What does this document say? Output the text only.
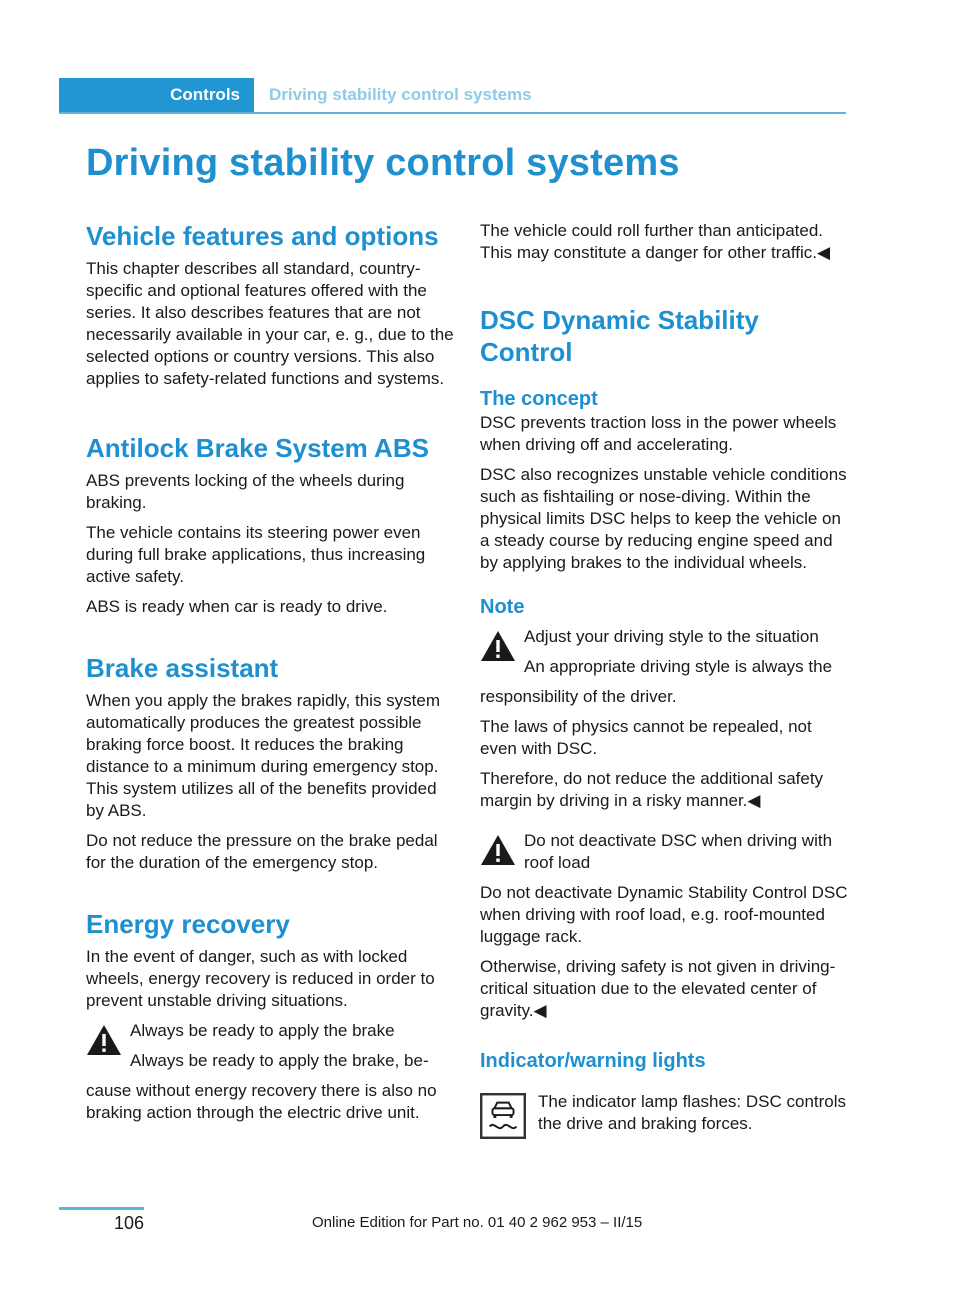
Controls	Driving stability control systems
Driving stability control systems
Vehicle features and options

This chapter describes all standard, country-specific and optional features offered with the series. It also describes features that are not necessarily available in your car, e. g., due to the selected options or country versions. This also applies to safety-related functions and systems.

Antilock Brake System ABS

ABS prevents locking of the wheels during braking.

The vehicle contains its steering power even during full brake applications, thus increasing active safety.

ABS is ready when car is ready to drive.

Brake assistant

When you apply the brakes rapidly, this system automatically produces the greatest possible braking force boost. It reduces the braking distance to a minimum during emergency stop. This system utilizes all of the benefits provided by ABS.

Do not reduce the pressure on the brake pedal for the duration of the emergency stop.

Energy recovery

In the event of danger, such as with locked wheels, energy recovery is reduced in order to prevent unstable driving situations.

Always be ready to apply the brake
Always be ready to apply the brake, be-

cause without energy recovery there is also no braking action through the electric drive unit.

The vehicle could roll further than anticipated. This may constitute a danger for other traffic.◀

DSC Dynamic Stability Control
The concept

DSC prevents traction loss in the power wheels when driving off and accelerating.

DSC also recognizes unstable vehicle conditions such as fishtailing or nose-diving. Within the physical limits DSC helps to keep the vehicle on a steady course by reducing engine speed and by applying brakes to the individual wheels.

Note
Adjust your driving style to the situation
An appropriate driving style is always the

responsibility of the driver.

The laws of physics cannot be repealed, not even with DSC.

Therefore, do not reduce the additional safety margin by driving in a risky manner.◀

Do not deactivate DSC when driving with roof load

Do not deactivate Dynamic Stability Control DSC when driving with roof load, e.g. roof-mounted luggage rack.

Otherwise, driving safety is not given in driving-critical situation due to the elevated center of gravity.◀

Indicator/warning lights

The indicator lamp flashes: DSC controls the drive and braking forces.

106	Online Edition for Part no. 01 40 2 962 953 – II/15
